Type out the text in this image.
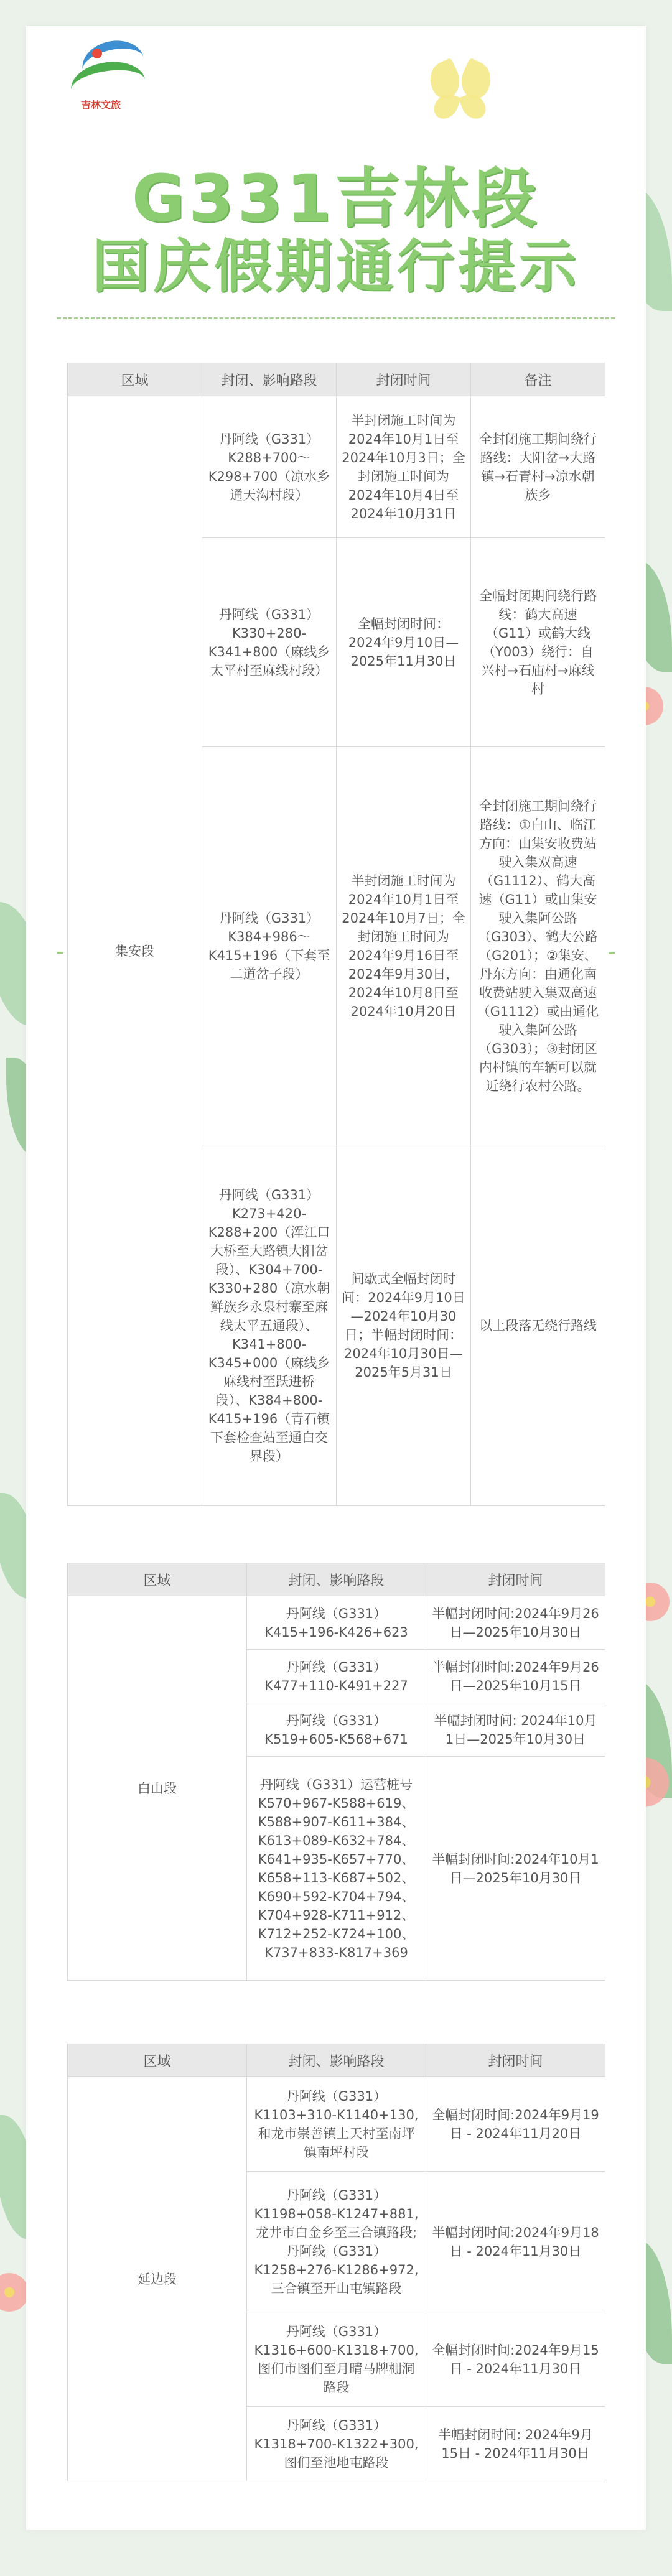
吉林文旅
G331吉林段
国庆假期通行提示
区域	封闭、影响路段	封闭时间	备注
集安段	丹阿线（G331）K288+700～K298+700（凉水乡通天沟村段）	半封闭施工时间为2024年10月1日至2024年10月3日；全封闭施工时间为2024年10月4日至2024年10月31日	全封闭施工期间绕行路线：大阳岔→大路镇→石青村→凉水朝族乡
	丹阿线（G331）K330+280-K341+800（麻线乡太平村至麻线村段）	全幅封闭时间：2024年9月10日—2025年11月30日	全幅封闭期间绕行路线：鹤大高速（G11）或鹤大线（Y003）绕行：自兴村→石庙村→麻线村
	丹阿线（G331）K384+986～K415+196（下套至二道岔子段）	半封闭施工时间为2024年10月1日至2024年10月7日；全封闭施工时间为2024年9月16日至2024年9月30日，2024年10月8日至2024年10月20日	全封闭施工期间绕行路线：①白山、临江方向：由集安收费站驶入集双高速（G1112）、鹤大高速（G11）或由集安驶入集阿公路（G303）、鹤大公路（G201）；②集安、丹东方向：由通化南收费站驶入集双高速（G1112）或由通化驶入集阿公路（G303）；③封闭区内村镇的车辆可以就近绕行农村公路。
	丹阿线（G331）K273+420-K288+200（浑江口大桥至大路镇大阳岔段）、K304+700-K330+280（凉水朝鲜族乡永泉村寨至麻线太平五通段）、K341+800-K345+000（麻线乡麻线村至跃进桥段）、K384+800-K415+196（青石镇下套检查站至通白交界段）	间歇式全幅封闭时间：2024年9月10日—2024年10月30日；半幅封闭时间：2024年10月30日—2025年5月31日	以上段落无绕行路线
区域	封闭、影响路段	封闭时间
白山段	丹阿线（G331）K415+196-K426+623	半幅封闭时间:2024年9月26日—2025年10月30日
	丹阿线（G331）K477+110-K491+227	半幅封闭时间:2024年9月26日—2025年10月15日
	丹阿线（G331）K519+605-K568+671	半幅封闭时间: 2024年10月1日—2025年10月30日
	丹阿线（G331）运营桩号K570+967-K588+619、K588+907-K611+384、K613+089-K632+784、K641+935-K657+770、K658+113-K687+502、K690+592-K704+794、K704+928-K711+912、K712+252-K724+100、K737+833-K817+369	半幅封闭时间:2024年10月1日—2025年10月30日
区域	封闭、影响路段	封闭时间
延边段	丹阿线（G331）K1103+310-K1140+130,和龙市崇善镇上天村至南坪镇南坪村段	全幅封闭时间:2024年9月19日 - 2024年11月20日
	丹阿线（G331）K1198+058-K1247+881,龙井市白金乡至三合镇路段;丹阿线（G331）K1258+276-K1286+972,三合镇至开山屯镇路段	半幅封闭时间:2024年9月18日 - 2024年11月30日
	丹阿线（G331）K1316+600-K1318+700,图们市图们至月晴马牌棚洞路段	全幅封闭时间:2024年9月15日 - 2024年11月30日
	丹阿线（G331）K1318+700-K1322+300,图们至池地屯路段	半幅封闭时间: 2024年9月15日 - 2024年11月30日
